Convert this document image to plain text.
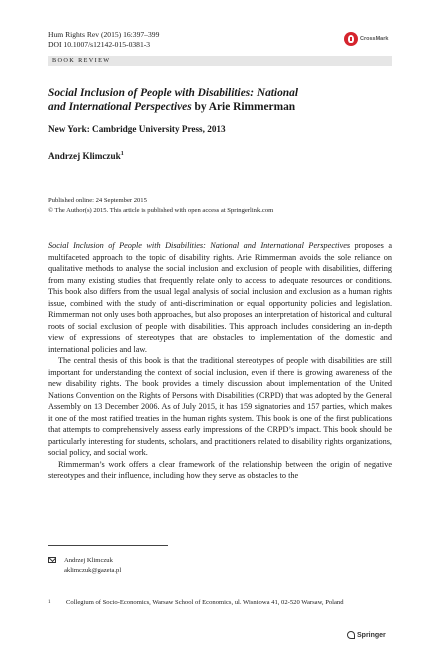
Hum Rights Rev (2015) 16:397–399
DOI 10.1007/s12142-015-0381-3
CrossMark
BOOK REVIEW
Social Inclusion of People with Disabilities: National
and International Perspectives by Arie Rimmerman
New York: Cambridge University Press, 2013
Andrzej Klimczuk$^1$
Published online: 24 September 2015
© The Author(s) 2015. This article is published with open access at Springerlink.com

Social Inclusion of People with Disabilities: National and International Perspectives proposes a multifaceted approach to the topic of disability rights. Arie Rimmerman avoids the sole reliance on qualitative methods to analyse the social inclusion and exclusion of people with disabilities, differing from many existing studies that frequently relate only to access to adequate resources or conditions. This book also differs from the usual legal analysis of social inclusion and exclusion as a human rights issue, combined with the study of anti-discrimination or equal opportunity policies and legislation. Rimmerman not only uses both approaches, but also proposes an interpretation of historical and cultural roots of social exclusion of people with disabilities. This approach includes considering an in-depth view of expressions of stereotypes that are obstacles to implementation of the domestic and international policies and law.

The central thesis of this book is that the traditional stereotypes of people with disabilities are still important for understanding the context of social inclusion, even if there is growing awareness of the new disability rights. The book provides a timely discussion about implementation of the United Nations Convention on the Rights of Persons with Disabilities (CRPD) that was adopted by the General Assembly on 13 December 2006. As of July 2015, it has 159 signatories and 157 parties, which makes it one of the most ratified treaties in the human rights system. This book is one of the first publications that attempts to comprehensively assess early impressions of the CRPD’s impact. This book should be particularly interesting for students, scholars, and practitioners related to disability rights organizations, social policy, and social work.

Rimmerman’s work offers a clear framework of the relationship between the origin of negative stereotypes and their influence, including how they serve as obstacles to the

Andrzej Klimczuk
aklimczuk@gazeta.pl
1	Collegium of Socio-Economics, Warsaw School of Economics, ul. Wisniowa 41, 02-520 Warsaw, Poland
Springer
